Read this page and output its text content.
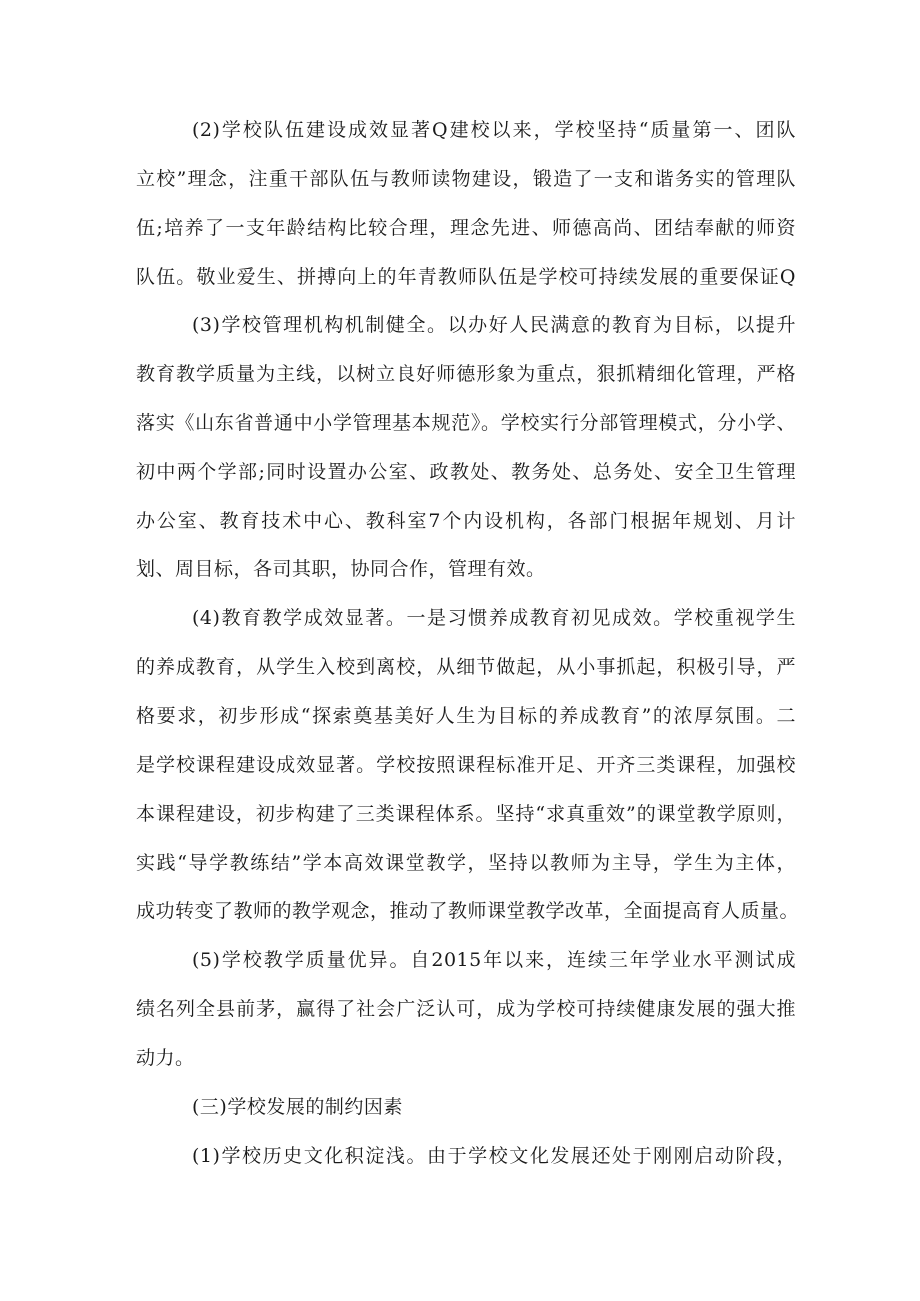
(2)学校队伍建设成效显著Q建校以来，学校坚持“质量第一、团队
立校”理念，注重干部队伍与教师读物建设，锻造了一支和谐务实的管理队
伍;培养了一支年龄结构比较合理，理念先进、师德高尚、团结奉献的师资
队伍。敬业爱生、拼搏向上的年青教师队伍是学校可持续发展的重要保证Q
(3)学校管理机构机制健全。以办好人民满意的教育为目标，以提升
教育教学质量为主线，以树立良好师德形象为重点，狠抓精细化管理，严格
落实《山东省普通中小学管理基本规范》。学校实行分部管理模式，分小学、
初中两个学部;同时设置办公室、政教处、教务处、总务处、安全卫生管理
办公室、教育技术中心、教科室7个内设机构，各部门根据年规划、月计
划、周目标，各司其职，协同合作，管理有效。
(4)教育教学成效显著。一是习惯养成教育初见成效。学校重视学生
的养成教育，从学生入校到离校，从细节做起，从小事抓起，积极引导，严
格要求，初步形成“探索奠基美好人生为目标的养成教育”的浓厚氛围。二
是学校课程建设成效显著。学校按照课程标准开足、开齐三类课程，加强校
本课程建设，初步构建了三类课程体系。坚持“求真重效”的课堂教学原则，
实践“导学教练结”学本高效课堂教学，坚持以教师为主导，学生为主体，
成功转变了教师的教学观念，推动了教师课堂教学改革，全面提高育人质量。
(5)学校教学质量优异。自2015年以来，连续三年学业水平测试成
绩名列全县前茅，赢得了社会广泛认可，成为学校可持续健康发展的强大推
动力。
(三)学校发展的制约因素
(1)学校历史文化积淀浅。由于学校文化发展还处于刚刚启动阶段，
